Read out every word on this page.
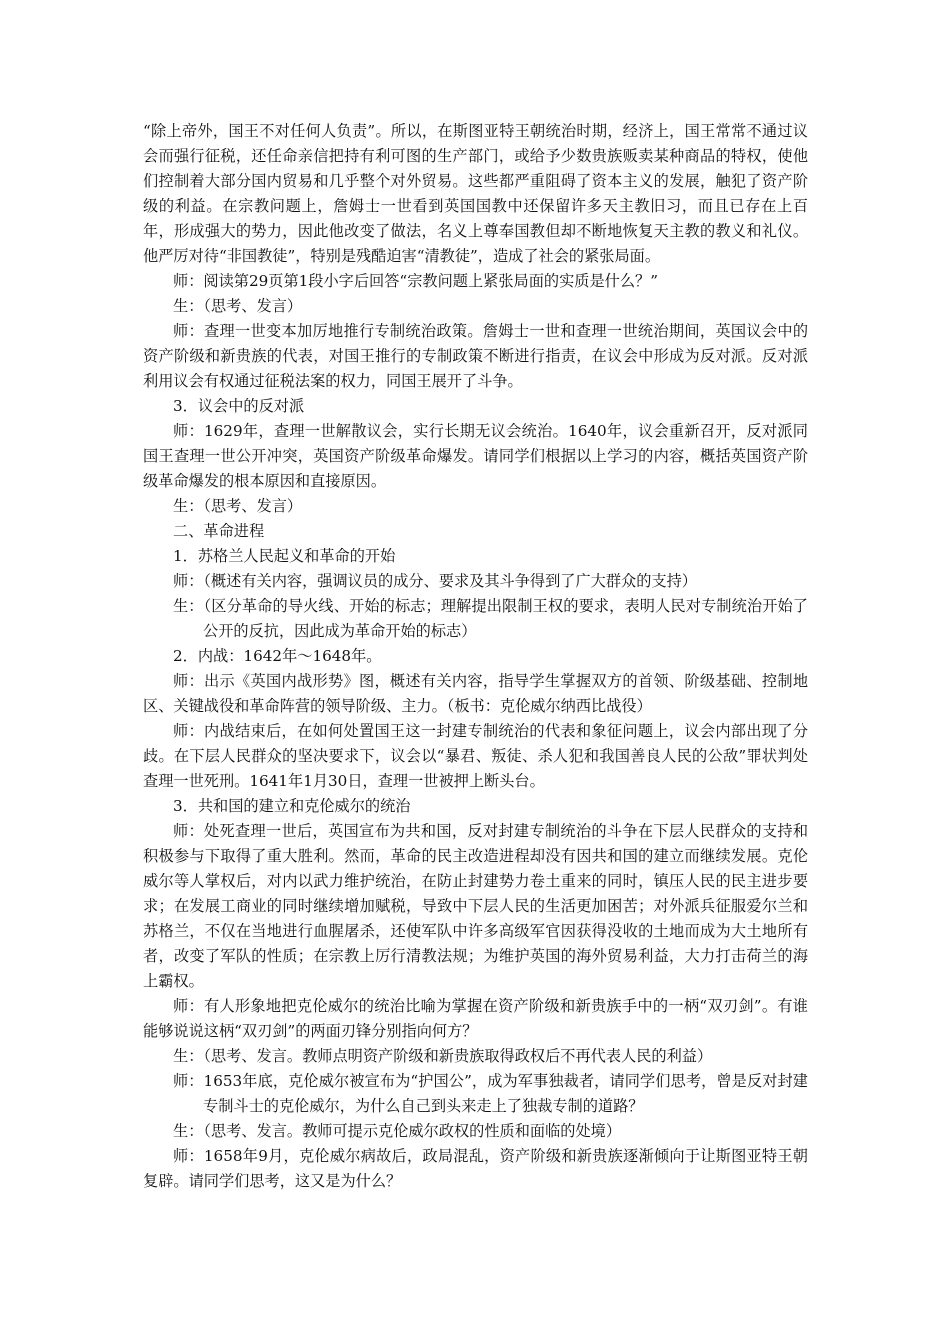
“除上帝外，国王不对任何人负责”。所以，在斯图亚特王朝统治时期，经济上，国王常常不通过议会而强行征税，还任命亲信把持有利可图的生产部门，或给予少数贵族贩卖某种商品的特权，使他们控制着大部分国内贸易和几乎整个对外贸易。这些都严重阻碍了资本主义的发展，触犯了资产阶级的利益。在宗教问题上，詹姆士一世看到英国国教中还保留许多天主教旧习，而且已存在上百年，形成强大的势力，因此他改变了做法，名义上尊奉国教但却不断地恢复天主教的教义和礼仪。他严厉对待“非国教徒”，特别是残酷迫害“清教徒”，造成了社会的紧张局面。

师：阅读第29页第1段小字后回答“宗教问题上紧张局面的实质是什么？”

生：（思考、发言）

师：查理一世变本加厉地推行专制统治政策。詹姆士一世和查理一世统治期间，英国议会中的资产阶级和新贵族的代表，对国王推行的专制政策不断进行指责，在议会中形成为反对派。反对派利用议会有权通过征税法案的权力，同国王展开了斗争。

3．议会中的反对派

师：1629年，查理一世解散议会，实行长期无议会统治。1640年，议会重新召开，反对派同国王查理一世公开冲突，英国资产阶级革命爆发。请同学们根据以上学习的内容，概括英国资产阶级革命爆发的根本原因和直接原因。

生：（思考、发言）

二、革命进程

1．苏格兰人民起义和革命的开始

师：（概述有关内容，强调议员的成分、要求及其斗争得到了广大群众的支持）

生：（区分革命的导火线、开始的标志；理解提出限制王权的要求，表明人民对专制统治开始了公开的反抗，因此成为革命开始的标志）

2．内战：1642年～1648年。

师：出示《英国内战形势》图，概述有关内容，指导学生掌握双方的首领、阶级基础、控制地区、关键战役和革命阵营的领导阶级、主力。（板书：克伦威尔纳西比战役）

师：内战结束后，在如何处置国王这一封建专制统治的代表和象征问题上，议会内部出现了分歧。在下层人民群众的坚决要求下，议会以“暴君、叛徒、杀人犯和我国善良人民的公敌”罪状判处查理一世死刑。1641年1月30日，查理一世被押上断头台。

3．共和国的建立和克伦威尔的统治

师：处死查理一世后，英国宣布为共和国，反对封建专制统治的斗争在下层人民群众的支持和积极参与下取得了重大胜利。然而，革命的民主改造进程却没有因共和国的建立而继续发展。克伦威尔等人掌权后，对内以武力维护统治，在防止封建势力卷土重来的同时，镇压人民的民主进步要求；在发展工商业的同时继续增加赋税，导致中下层人民的生活更加困苦；对外派兵征服爱尔兰和苏格兰，不仅在当地进行血腥屠杀，还使军队中许多高级军官因获得没收的土地而成为大土地所有者，改变了军队的性质；在宗教上厉行清教法规；为维护英国的海外贸易利益，大力打击荷兰的海上霸权。

师：有人形象地把克伦威尔的统治比喻为掌握在资产阶级和新贵族手中的一柄“双刃剑”。有谁能够说说这柄“双刃剑”的两面刃锋分别指向何方？

生：（思考、发言。教师点明资产阶级和新贵族取得政权后不再代表人民的利益）

师：1653年底，克伦威尔被宣布为“护国公”，成为军事独裁者，请同学们思考，曾是反对封建专制斗士的克伦威尔，为什么自己到头来走上了独裁专制的道路？

生：（思考、发言。教师可提示克伦威尔政权的性质和面临的处境）

师：1658年9月，克伦威尔病故后，政局混乱，资产阶级和新贵族逐渐倾向于让斯图亚特王朝复辟。请同学们思考，这又是为什么？
